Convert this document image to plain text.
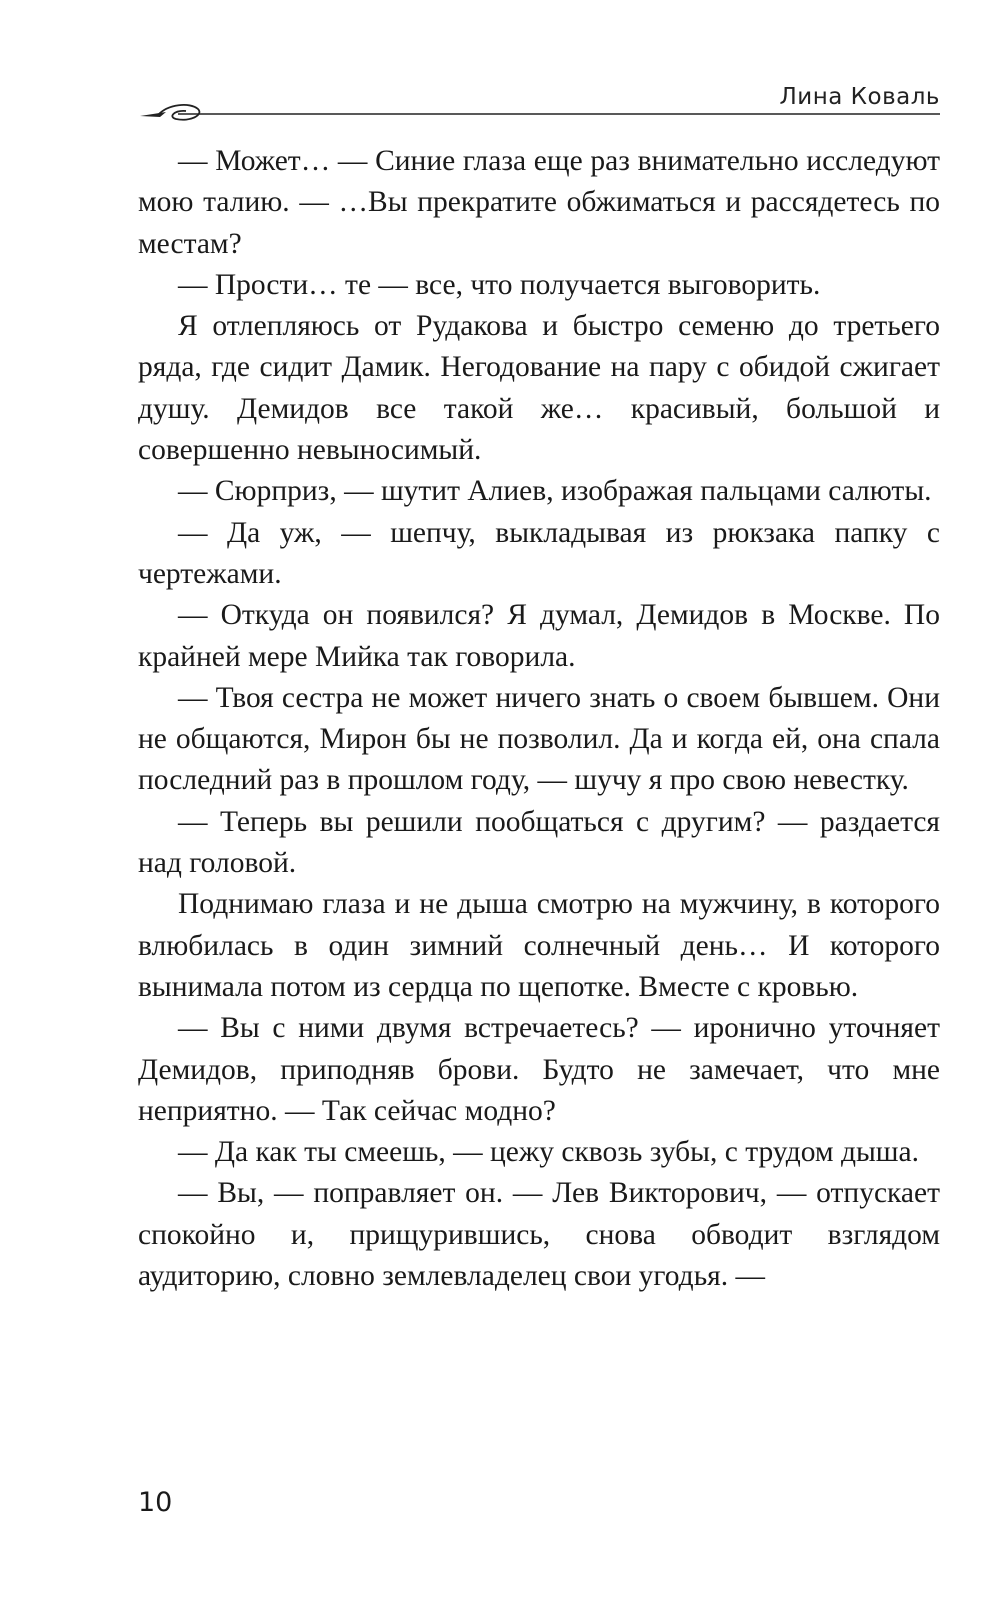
Лина Коваль

— Может… — Синие глаза еще раз внимательно исследуют мою талию. — …Вы прекратите обжиматься и рассядетесь по местам?

— Прости… те — все, что получается выговорить.

Я отлепляюсь от Рудакова и быстро семеню до третьего ряда, где сидит Дамик. Негодование на пару с обидой сжигает душу. Демидов все такой же… красивый, большой и совершенно невыносимый.

— Сюрприз, — шутит Алиев, изображая пальцами салюты.

— Да уж, — шепчу, выкладывая из рюкзака папку с чертежами.

— Откуда он появился? Я думал, Демидов в Москве. По крайней мере Мийка так говорила.

— Твоя сестра не может ничего знать о своем бывшем. Они не общаются, Мирон бы не позволил. Да и когда ей, она спала последний раз в прошлом году, — шучу я про свою невестку.

— Теперь вы решили пообщаться с другим? — раздается над головой.

Поднимаю глаза и не дыша смотрю на мужчину, в которого влюбилась в один зимний солнечный день… И которого вынимала потом из сердца по щепотке. Вместе с кровью.

— Вы с ними двумя встречаетесь? — иронично уточняет Демидов, приподняв брови. Будто не замечает, что мне неприятно. — Так сейчас модно?

— Да как ты смеешь, — цежу сквозь зубы, с трудом дыша.

— Вы, — поправляет он. — Лев Викторович, — отпускает спокойно и, прищурившись, снова обводит взглядом аудиторию, словно землевладелец свои угодья. —

10
